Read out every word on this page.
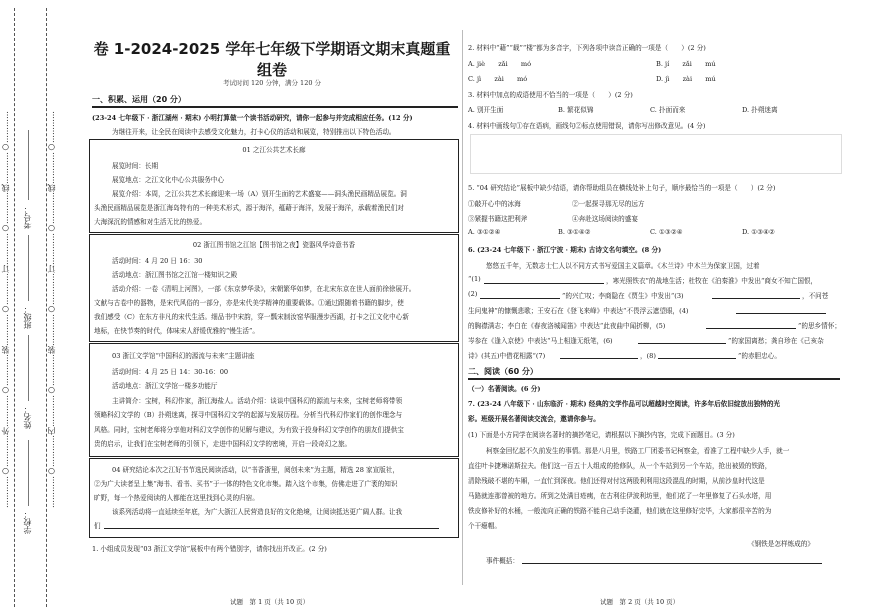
…………○…………外…………○…………装…………○…………订…………○…………线…………○…………	…………○…………内…………○…………装…………○…………订…………○…………线…………○…………
学校：
姓名：
班级：
考号：
卷 1-2024-2025 学年七年级下学期语文期末真题重组卷
考试时间 120 分钟，满分 120 分
一、积累、运用（20 分）
(23-24 七年级下 · 浙江湖州 · 期末) 小明打算做一个读书活动研究，请你一起参与并完成相应任务。(12 分)
为继往开来，让全民在阅读中去感受文化魅力，打卡心仪的活动和展览，特别推出以下特色活动。
01 之江公共艺术长廊
展览时间：长期
展览地点：之江文化中心公共服务中心
展览介绍：本周，之江公共艺术长廊迎来一场（A）别开生面的艺术盛宴——洞头渔民画精品展览。洞
头渔民画精品展览是浙江海岛特有的一种美术形式，源于海洋，蕴藉于海洋，发展于海洋，承载着渔民们对
大海深沉的情感和对生活无比的热爱。
02 浙江图书馆之江馆【图书馆之夜】瓷器风华诗意书香
活动时间：4 月 20 日 16：30
活动地点：浙江图书馆之江馆一楼知识之殿
活动介绍：一卷《清明上河图》，一部《东京梦华录》，宋朝繁华如梦，在北宋东京在世人面前徐徐展开。
文献与古卷中的器物，是宋代风俗的一部分，亦是宋代美学精神的重要载体。①通过跟随着书籍的脚步，使
我们感受（C）在东方非凡的宋代生活。细品书中宋韵，穿一瓢宋制汝窑华服漫步西湖，打卡之江文化中心新
地标，在快节奏的时代，体味宋人舒缓优雅的“慢生活”。
03 浙江文学馆“中国科幻的源流与未来”主题讲座
活动时间：4 月 25 日 14：30-16：00
活动地点：浙江文学馆一楼多功能厅
主讲简介：宝树，科幻作家，浙江海盐人。活动介绍：谈谈中国科幻的源流与未来，宝树老师将带领
领略科幻文学的（B）扑朔迷离，探寻中国科幻文学的起源与发展历程。分析当代科幻作家们的创作理念与
风格。同时，宝树老师将分享他对科幻文学创作的见解与建议，为有致于投身科幻文学创作的朋友们提供宝
贵的启示，让我们在宝树老师的引领下，走进中国科幻文学的密境，开启一段奇幻之旅。
04 研究结论本次之江好书节选民阅读活动，以“书香浙里，阅创未来”为主题，精选 28 家宣版社，
②为广大读者呈上集“海书、看书、买书”于一体的特色文化市集。踏入这个市集，仿佛走进了广袤的知识
旷野，每一个热爱阅读的人都能在这里找到心灵的归宿。
该系列活动将一直延续至年底，为广大浙江人民营造良好的文化绝境，让阅读抵达更广阔人群。让我
们
1. 小组成员发现“03 浙江文学馆”展板中有两个错别字，请你找出并改正。(2 分)
试题　第 1 页（共 10 页）
2. 材料中“藉”“载”“楼”都为多音字，下列各项中读音正确的一项是（　　）(2 分)
A. jiè　　zǎi　　mó	B. jí　　zǎi　　mú
C. jì　　zài　　mó	D. jì　　zài　　mú
3. 材料中加点的成语使用不恰当的一项是（　　）(2 分)
A. 别开生面	B. 繁花似锦	C. 扑面而来	D. 扑朔迷离
4. 材料中画线句①存在语病，画线句②标点使用错误，请你写出修改意见。(4 分)
5. “04 研究结论”展板中缺少结语，请你帮助组员在横线处补上句子，顺序最恰当的一项是（　　）(2 分)
①敲开心中的冰海	②一起探寻那无尽的远方
③紧握书籍这把利斧	④奔赴这场阅读的盛宴
A. ③①②④	B. ③①④②	C. ①③②④	D. ①③④②
6. (23-24 七年级下 · 浙江宁波 · 期末) 古诗文名句填空。(8 分)
悠悠五千年，无数志士仁人以不同方式书写爱国主义篇章。《木兰诗》中木兰为保家卫国，过着
“(1)	，寒光照铁衣”的战地生活；杜牧在《泊秦淮》中发出“商女不知亡国恨，
(2)	”的兴亡叹；李商隐在《贾生》中发出“(3)	，不问苍
生问鬼神”的慷慨悲歌；王安石在《登飞来峰》中表达“不畏浮云遮望眼，(4)
的胸襟满志；李白在《春夜洛城闻笛》中表达“此夜曲中闻折柳，(5)	”的思乡情怀；
岑参在《逢入京使》中表达“马上相逢无纸笔，(6)	”的家国离愁；龚自珍在《己亥杂
诗》(其五)中借花相露“(7)	，(8)	”的赤胆忠心。
二、阅读（60 分）
（一）名著阅读。(6 分)
7. (23-24 八年级下 · 山东临沂 · 期末) 经典的文学作品可以超越时空阅读，许多年后依旧绽放出独特的光
彩。班级开展名著阅读交流会，邀请你参与。
(1) 下面是小方同学在阅读名著时的摘抄笔记，请根据以下摘抄内容，完成下面题目。(3 分)
柯察金回忆起不久前发生的事情。那是八月里，铁路工厂团委书记柯察金，看准了工程中缺少人手，就一
直往叶卡捷琳诺斯拉夫。他们这一百五十人组成的抢修队，从一个车站到另一个车站，抢出被毁的铁路，
清除残破不堪的车厢，一直忙到深夜。他们还得对付这两股利利用这段混乱的时期，从前沙皇时代这是
马路就连那曾被的地方。所到之处满目疮痍，在古利往伊波利坊里，他们花了一年里修复了石头水塔，用
铁皮修补好的水桶，一般流向正确的铁路不能自己动手浇灌，他们就在这里修好完毕，大家都很辛苦的为
个干瘪帽。
《钢铁是怎样炼成的》
事件概括：
试题　第 2 页（共 10 页）
